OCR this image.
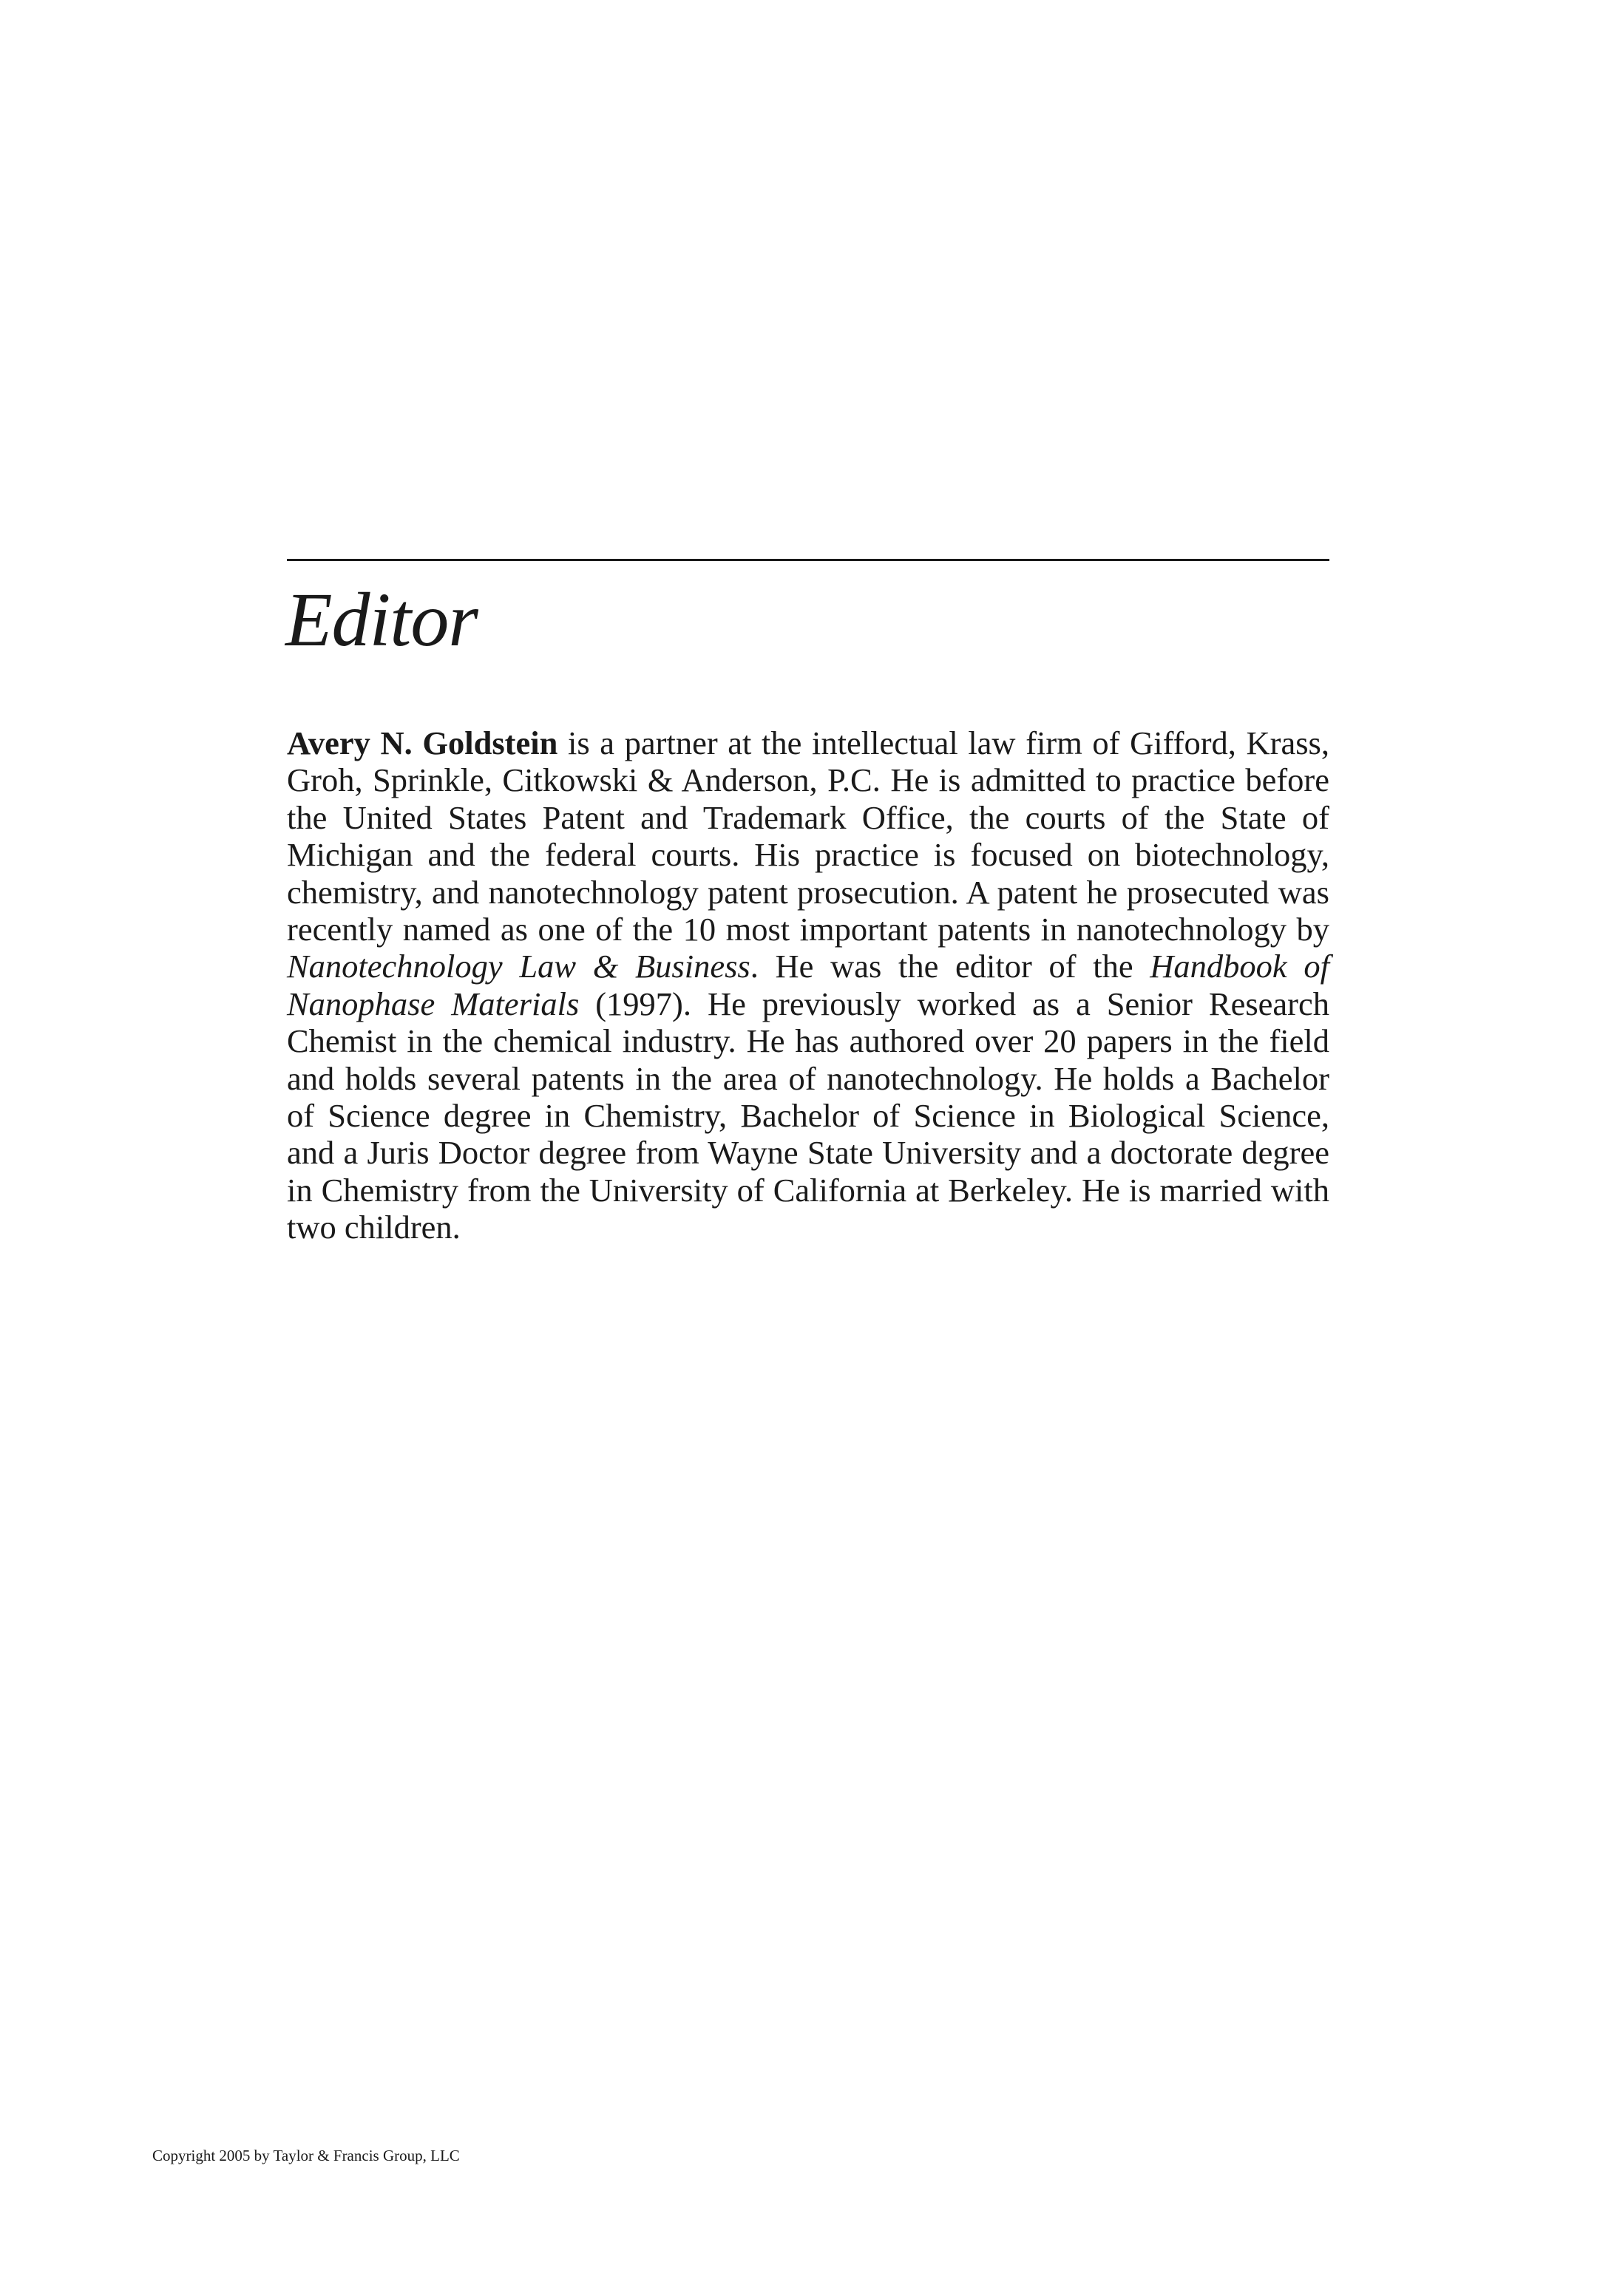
Editor

Avery N. Goldstein is a partner at the intellectual law firm of Gifford, Krass, Groh, Sprinkle, Citkowski & Anderson, P.C. He is admitted to practice before the United States Patent and Trademark Office, the courts of the State of Michigan and the federal courts. His practice is focused on biotechnology, chemistry, and nanotechnology patent prosecution. A patent he prosecuted was recently named as one of the 10 most important patents in nanotechnology by Nanotechnology Law & Business. He was the editor of the Handbook of Nanophase Materials (1997). He previously worked as a Senior Research Chemist in the chemical industry. He has authored over 20 papers in the field and holds several patents in the area of nanotechnology. He holds a Bachelor of Science degree in Chemistry, Bachelor of Science in Biological Science, and a Juris Doctor degree from Wayne State University and a doctorate degree in Chemistry from the University of California at Berkeley. He is married with two children.

Copyright 2005 by Taylor & Francis Group, LLC
